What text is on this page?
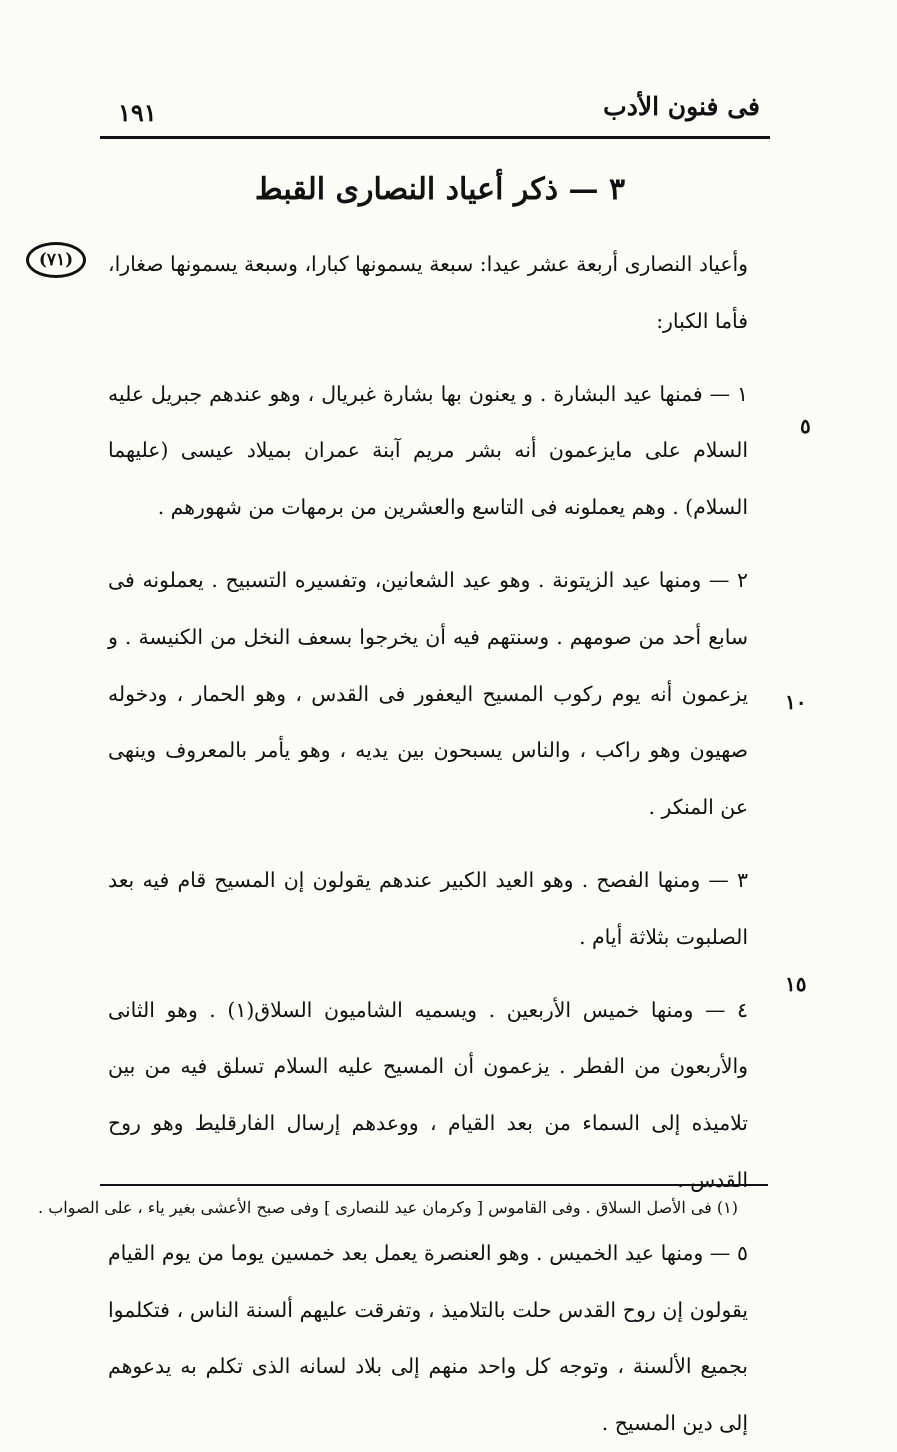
١٩١	فى فنون الأدب
٣ — ذكر أعياد النصارى القبط
(٧١)
٥
١٠
١٥

وأعياد النصارى أربعة عشر عيدا: سبعة يسمونها كبارا، وسبعة يسمونها صغارا، فأما الكبار:

١ — فمنها عيد البشارة . و يعنون بها بشارة غبريال ، وهو عندهم جبريل عليه السلام على مايزعمون أنه بشر مريم آبنة عمران بميلاد عيسى (عليهما السلام) . وهم يعملونه فى التاسع والعشرين من برمهات من شهورهم .

٢ — ومنها عيد الزيتونة . وهو عيد الشعانين، وتفسيره التسبيح . يعملونه فى سابع أحد من صومهم . وسنتهم فيه أن يخرجوا بسعف النخل من الكنيسة . و يزعمون أنه يوم ركوب المسيح اليعفور فى القدس ، وهو الحمار ، ودخوله صهيون وهو راكب ، والناس يسبحون بين يديه ، وهو يأمر بالمعروف وينهى عن المنكر .

٣ — ومنها الفصح . وهو العيد الكبير عندهم يقولون إن المسيح قام فيه بعد الصلبوت بثلاثة أيام .

٤ — ومنها خميس الأربعين . ويسميه الشاميون السلاق(١) . وهو الثانى والأربعون من الفطر . يزعمون أن المسيح عليه السلام تسلق فيه من بين تلاميذه إلى السماء من بعد القيام ، ووعدهم إرسال الفارقليط وهو روح القدس .

٥ — ومنها عيد الخميس . وهو العنصرة يعمل بعد خمسين يوما من يوم القيام يقولون إن روح القدس حلت بالتلاميذ ، وتفرقت عليهم ألسنة الناس ، فتكلموا بجميع الألسنة ، وتوجه كل واحد منهم إلى بلاد لسانه الذى تكلم به يدعوهم إلى دين المسيح .

(١) فى الأصل السلاق . وفى القاموس [ وكرمان عيد للنصارى ] وفى صبح الأعشى بغير ياء ، على الصواب .
